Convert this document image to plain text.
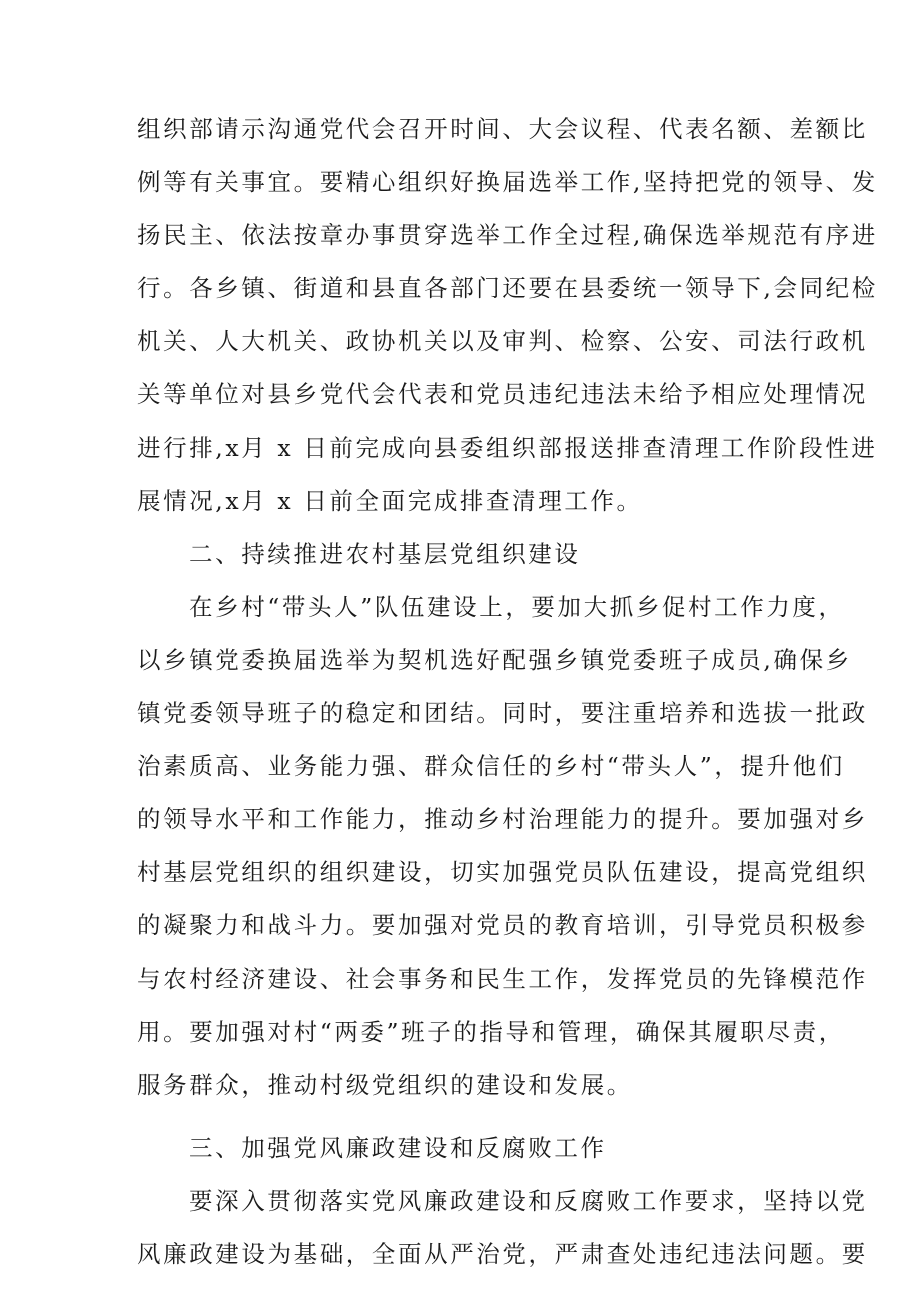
组织部请示沟通党代会召开时间、大会议程、代表名额、差额比
例等有关事宜。要精心组织好换届选举工作,坚持把党的领导、发
扬民主、依法按章办事贯穿选举工作全过程,确保选举规范有序进
行。各乡镇、街道和县直各部门还要在县委统一领导下,会同纪检
机关、人大机关、政协机关以及审判、检察、公安、司法行政机
关等单位对县乡党代会代表和党员违纪违法未给予相应处理情况
进行排,x月 x 日前完成向县委组织部报送排查清理工作阶段性进
展情况,x月 x 日前全面完成排查清理工作。
二、持续推进农村基层党组织建设
在乡村“带头人”队伍建设上，要加大抓乡促村工作力度，
以乡镇党委换届选举为契机选好配强乡镇党委班子成员,确保乡
镇党委领导班子的稳定和团结。同时，要注重培养和选拔一批政
治素质高、业务能力强、群众信任的乡村“带头人”，提升他们
的领导水平和工作能力，推动乡村治理能力的提升。要加强对乡
村基层党组织的组织建设，切实加强党员队伍建设，提高党组织
的凝聚力和战斗力。要加强对党员的教育培训，引导党员积极参
与农村经济建设、社会事务和民生工作，发挥党员的先锋模范作
用。要加强对村“两委”班子的指导和管理，确保其履职尽责，
服务群众，推动村级党组织的建设和发展。
三、加强党风廉政建设和反腐败工作
要深入贯彻落实党风廉政建设和反腐败工作要求，坚持以党
风廉政建设为基础，全面从严治党，严肃查处违纪违法问题。要
